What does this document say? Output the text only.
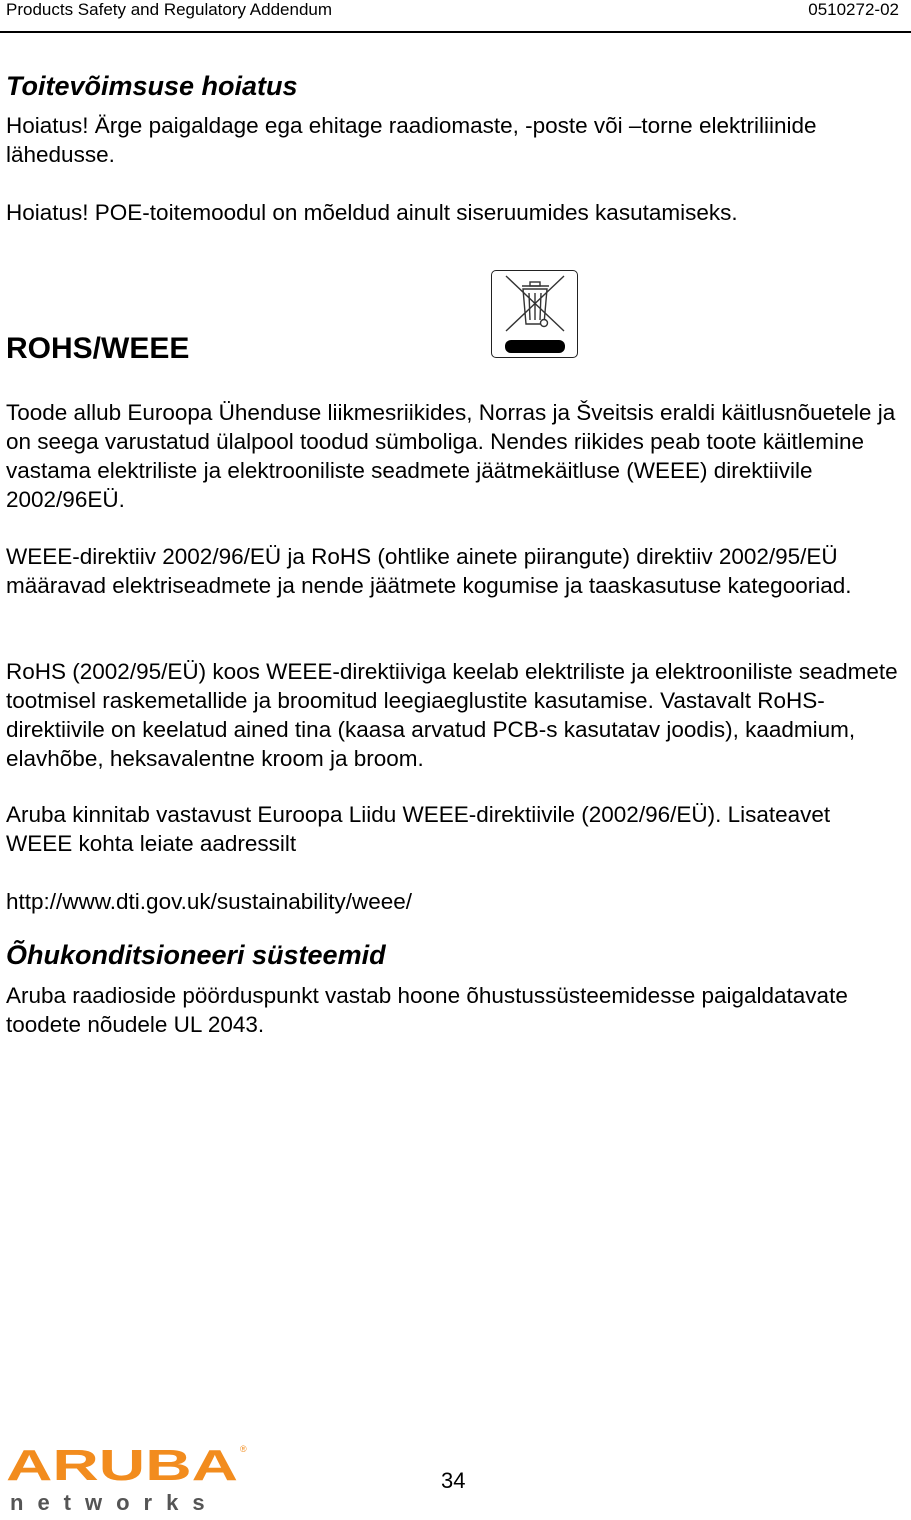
Products Safety and Regulatory Addendum	0510272-02
Toitevõimsuse hoiatus

Hoiatus! Ärge paigaldage ega ehitage raadiomaste, -poste või –torne elektriliinide lähedusse.

Hoiatus! POE-toitemoodul on mõeldud ainult siseruumides kasutamiseks.

ROHS/WEEE

Toode allub Euroopa Ühenduse liikmesriikides, Norras ja Šveitsis eraldi käitlusnõuetele ja on seega varustatud ülalpool toodud sümboliga. Nendes riikides peab toote käitlemine vastama elektriliste ja elektrooniliste seadmete jäätmekäitluse (WEEE) direktiivile 2002/96EÜ.

WEEE-direktiiv 2002/96/EÜ ja RoHS (ohtlike ainete piirangute) direktiiv 2002/95/EÜ määravad elektriseadmete ja nende jäätmete kogumise ja taaskasutuse kategooriad.

RoHS (2002/95/EÜ) koos WEEE-direktiiviga keelab elektriliste ja elektrooniliste seadmete tootmisel raskemetallide ja broomitud leegiaeglustite kasutamise. Vastavalt RoHS-direktiivile on keelatud ained tina (kaasa arvatud PCB-s kasutatav joodis), kaadmium, elavhõbe, heksavalentne kroom ja broom.

Aruba kinnitab vastavust Euroopa Liidu WEEE-direktiivile (2002/96/EÜ). Lisateavet WEEE kohta leiate aadressilt

http://www.dti.gov.uk/sustainability/weee/

Õhukonditsioneeri süsteemid

Aruba raadioside pöörduspunkt vastab hoone õhustussüsteemidesse paigaldatavate toodete nõudele UL 2043.

34
ARUBA ®
networks
